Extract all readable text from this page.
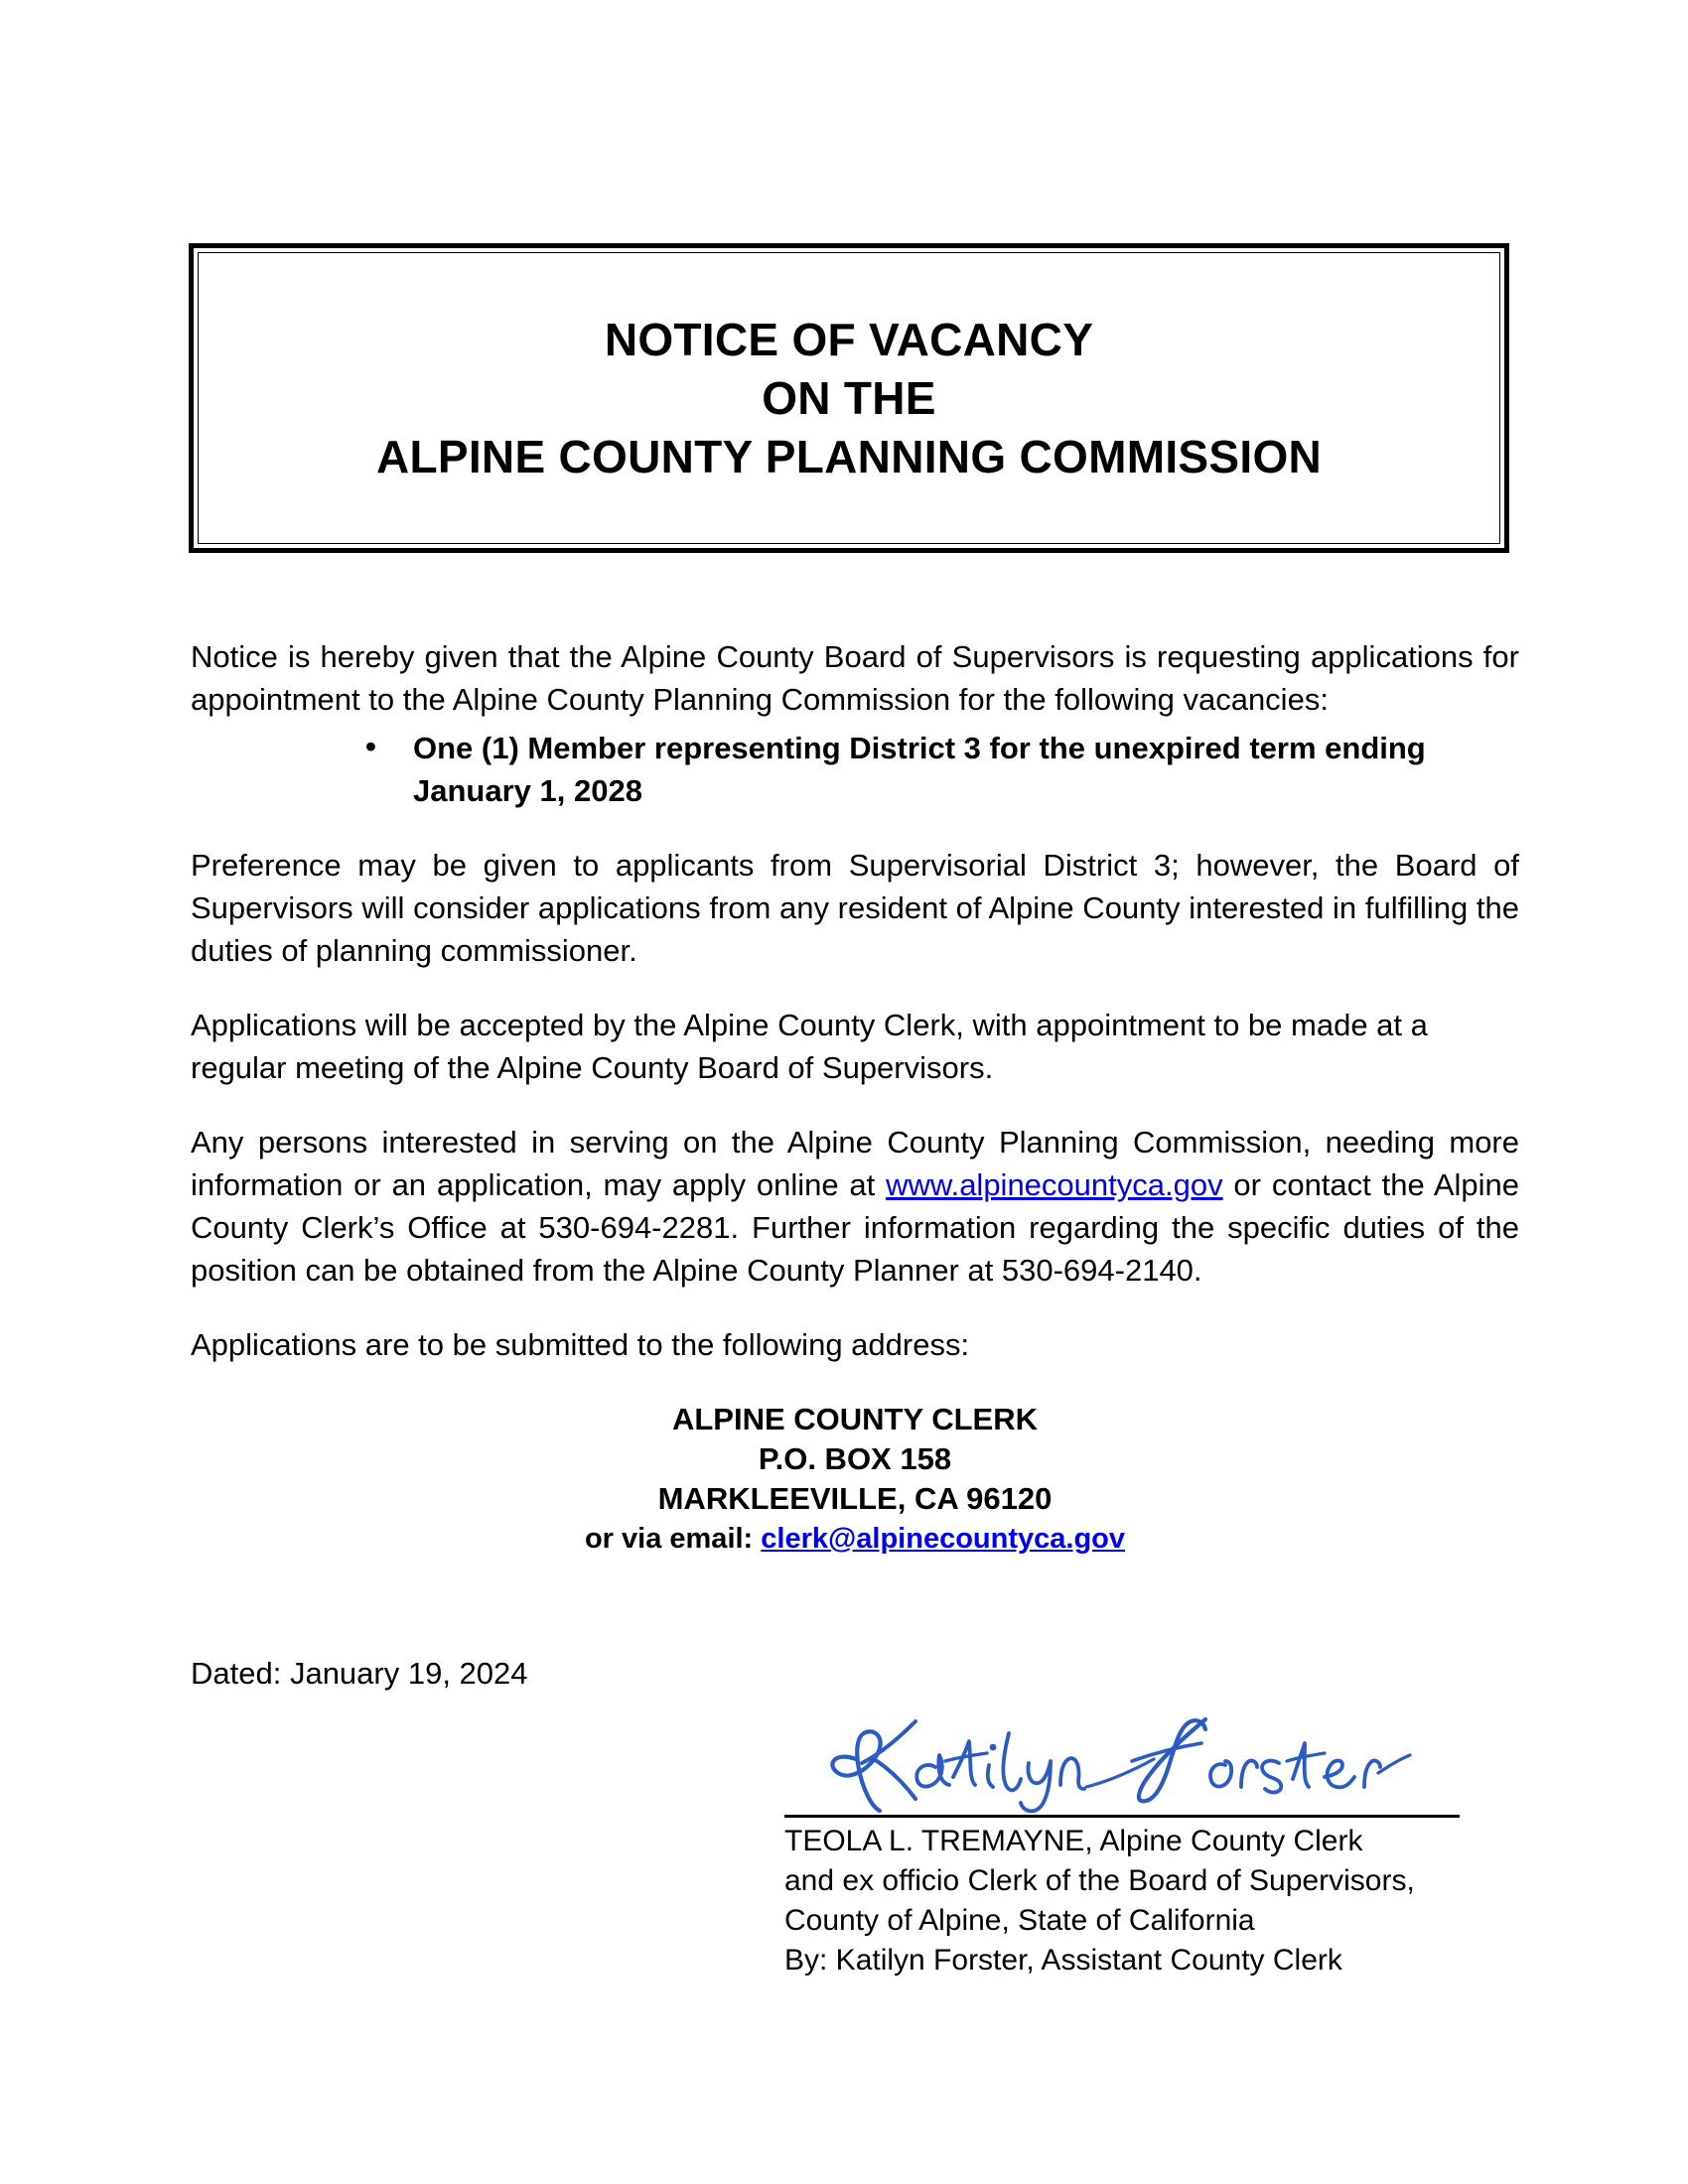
NOTICE OF VACANCY
ON THE
ALPINE COUNTY PLANNING COMMISSION

Notice is hereby given that the Alpine County Board of Supervisors is requesting applications for appointment to the Alpine County Planning Commission for the following vacancies:

• One (1) Member representing District 3 for the unexpired term ending January 1, 2028

Preference may be given to applicants from Supervisorial District 3; however, the Board of Supervisors will consider applications from any resident of Alpine County interested in fulfilling the duties of planning commissioner.

Applications will be accepted by the Alpine County Clerk, with appointment to be made at a regular meeting of the Alpine County Board of Supervisors.

Any persons interested in serving on the Alpine County Planning Commission, needing more information or an application, may apply online at www.alpinecountyca.gov or contact the Alpine County Clerk’s Office at 530-694-2281. Further information regarding the specific duties of the position can be obtained from the Alpine County Planner at 530-694-2140.

Applications are to be submitted to the following address:

ALPINE COUNTY CLERK
P.O. BOX 158
MARKLEEVILLE, CA 96120
or via email: clerk@alpinecountyca.gov
Dated: January 19, 2024
TEOLA L. TREMAYNE, Alpine County Clerk
and ex officio Clerk of the Board of Supervisors,
County of Alpine, State of California
By: Katilyn Forster, Assistant County Clerk
